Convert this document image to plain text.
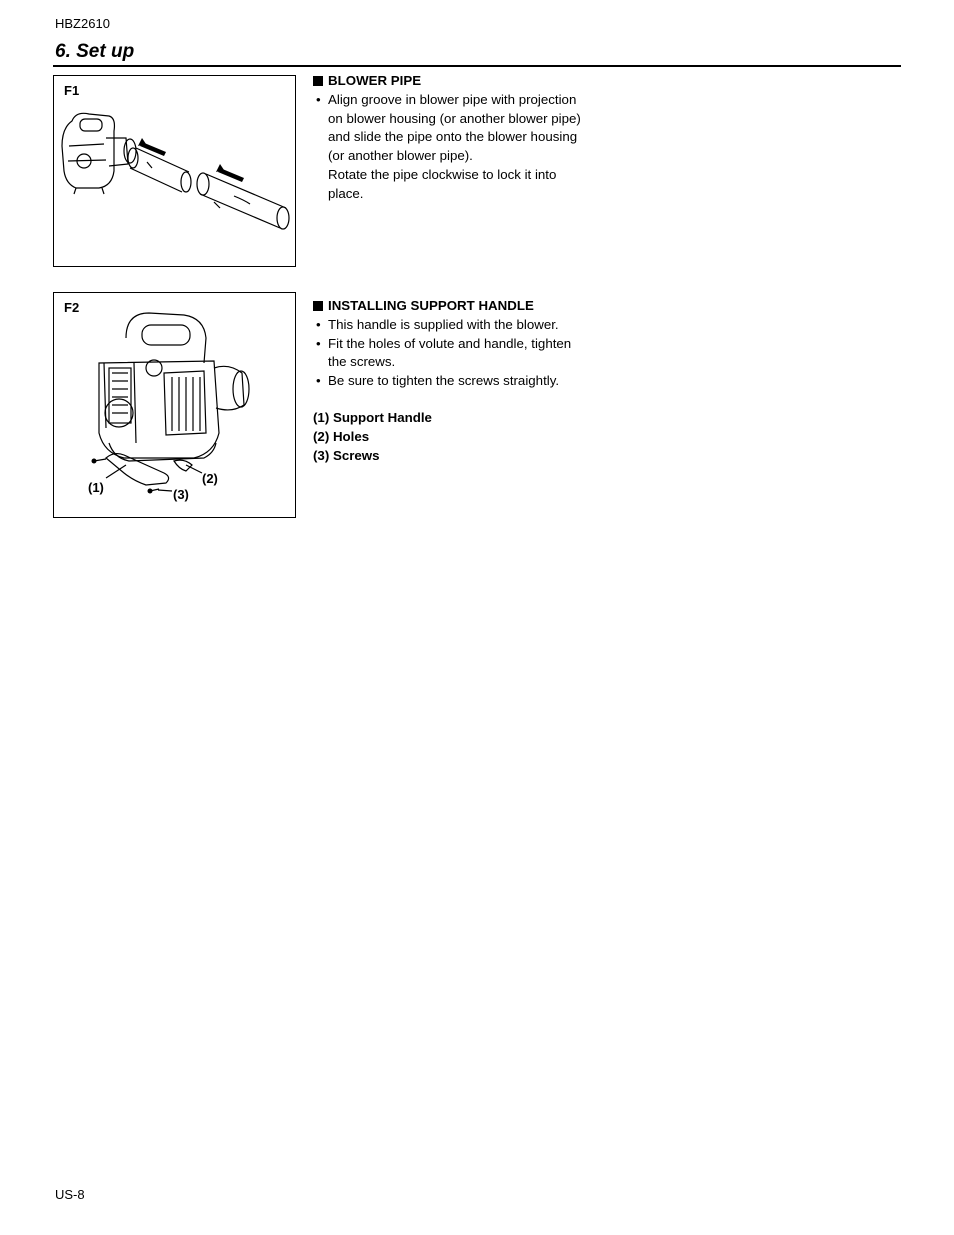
HBZ2610
6. Set up
F1
BLOWER PIPE
• Align groove in blower pipe with projection on blower housing (or another blower pipe) and slide the pipe onto the blower housing (or another blower pipe).
Rotate the pipe clockwise to lock it into place.
F2
(1)
(2)
(3)
INSTALLING SUPPORT HANDLE
• This handle is supplied with the blower.
• Fit the holes of volute and handle, tighten the screws.
• Be sure to tighten the screws straightly.
(1) Support Handle
(2) Holes
(3) Screws
US-8
